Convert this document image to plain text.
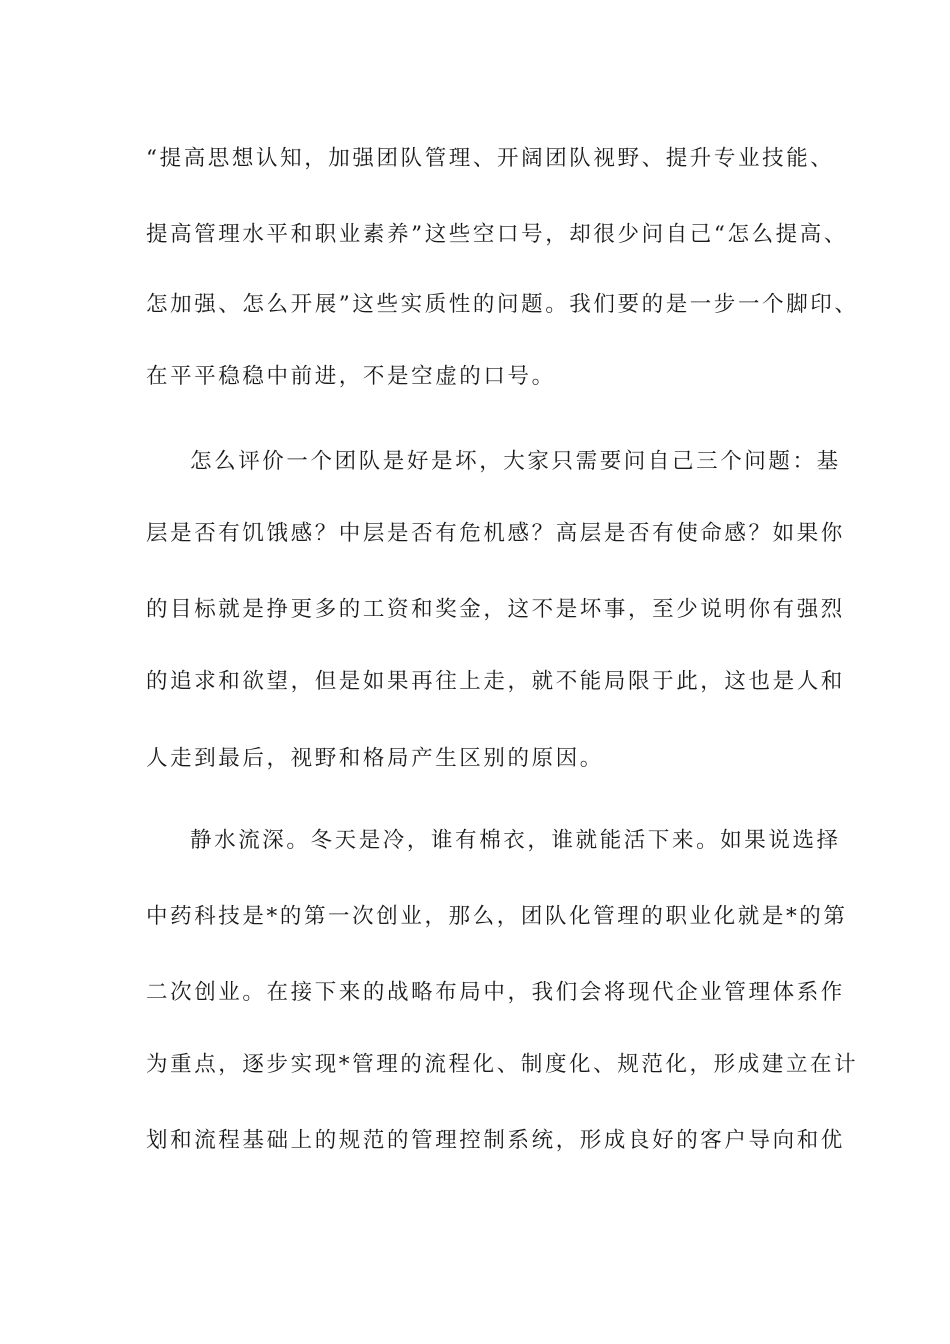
“提高思想认知，加强团队管理、开阔团队视野、提升专业技能、
提高管理水平和职业素养”这些空口号，却很少问自己“怎么提高、
怎加强、怎么开展”这些实质性的问题。我们要的是一步一个脚印、
在平平稳稳中前进，不是空虚的口号。
怎么评价一个团队是好是坏，大家只需要问自己三个问题：基
层是否有饥饿感？中层是否有危机感？高层是否有使命感？如果你
的目标就是挣更多的工资和奖金，这不是坏事，至少说明你有强烈
的追求和欲望，但是如果再往上走，就不能局限于此，这也是人和
人走到最后，视野和格局产生区别的原因。
静水流深。冬天是冷，谁有棉衣，谁就能活下来。如果说选择
中药科技是*的第一次创业，那么，团队化管理的职业化就是*的第
二次创业。在接下来的战略布局中，我们会将现代企业管理体系作
为重点，逐步实现*管理的流程化、制度化、规范化，形成建立在计
划和流程基础上的规范的管理控制系统，形成良好的客户导向和优
